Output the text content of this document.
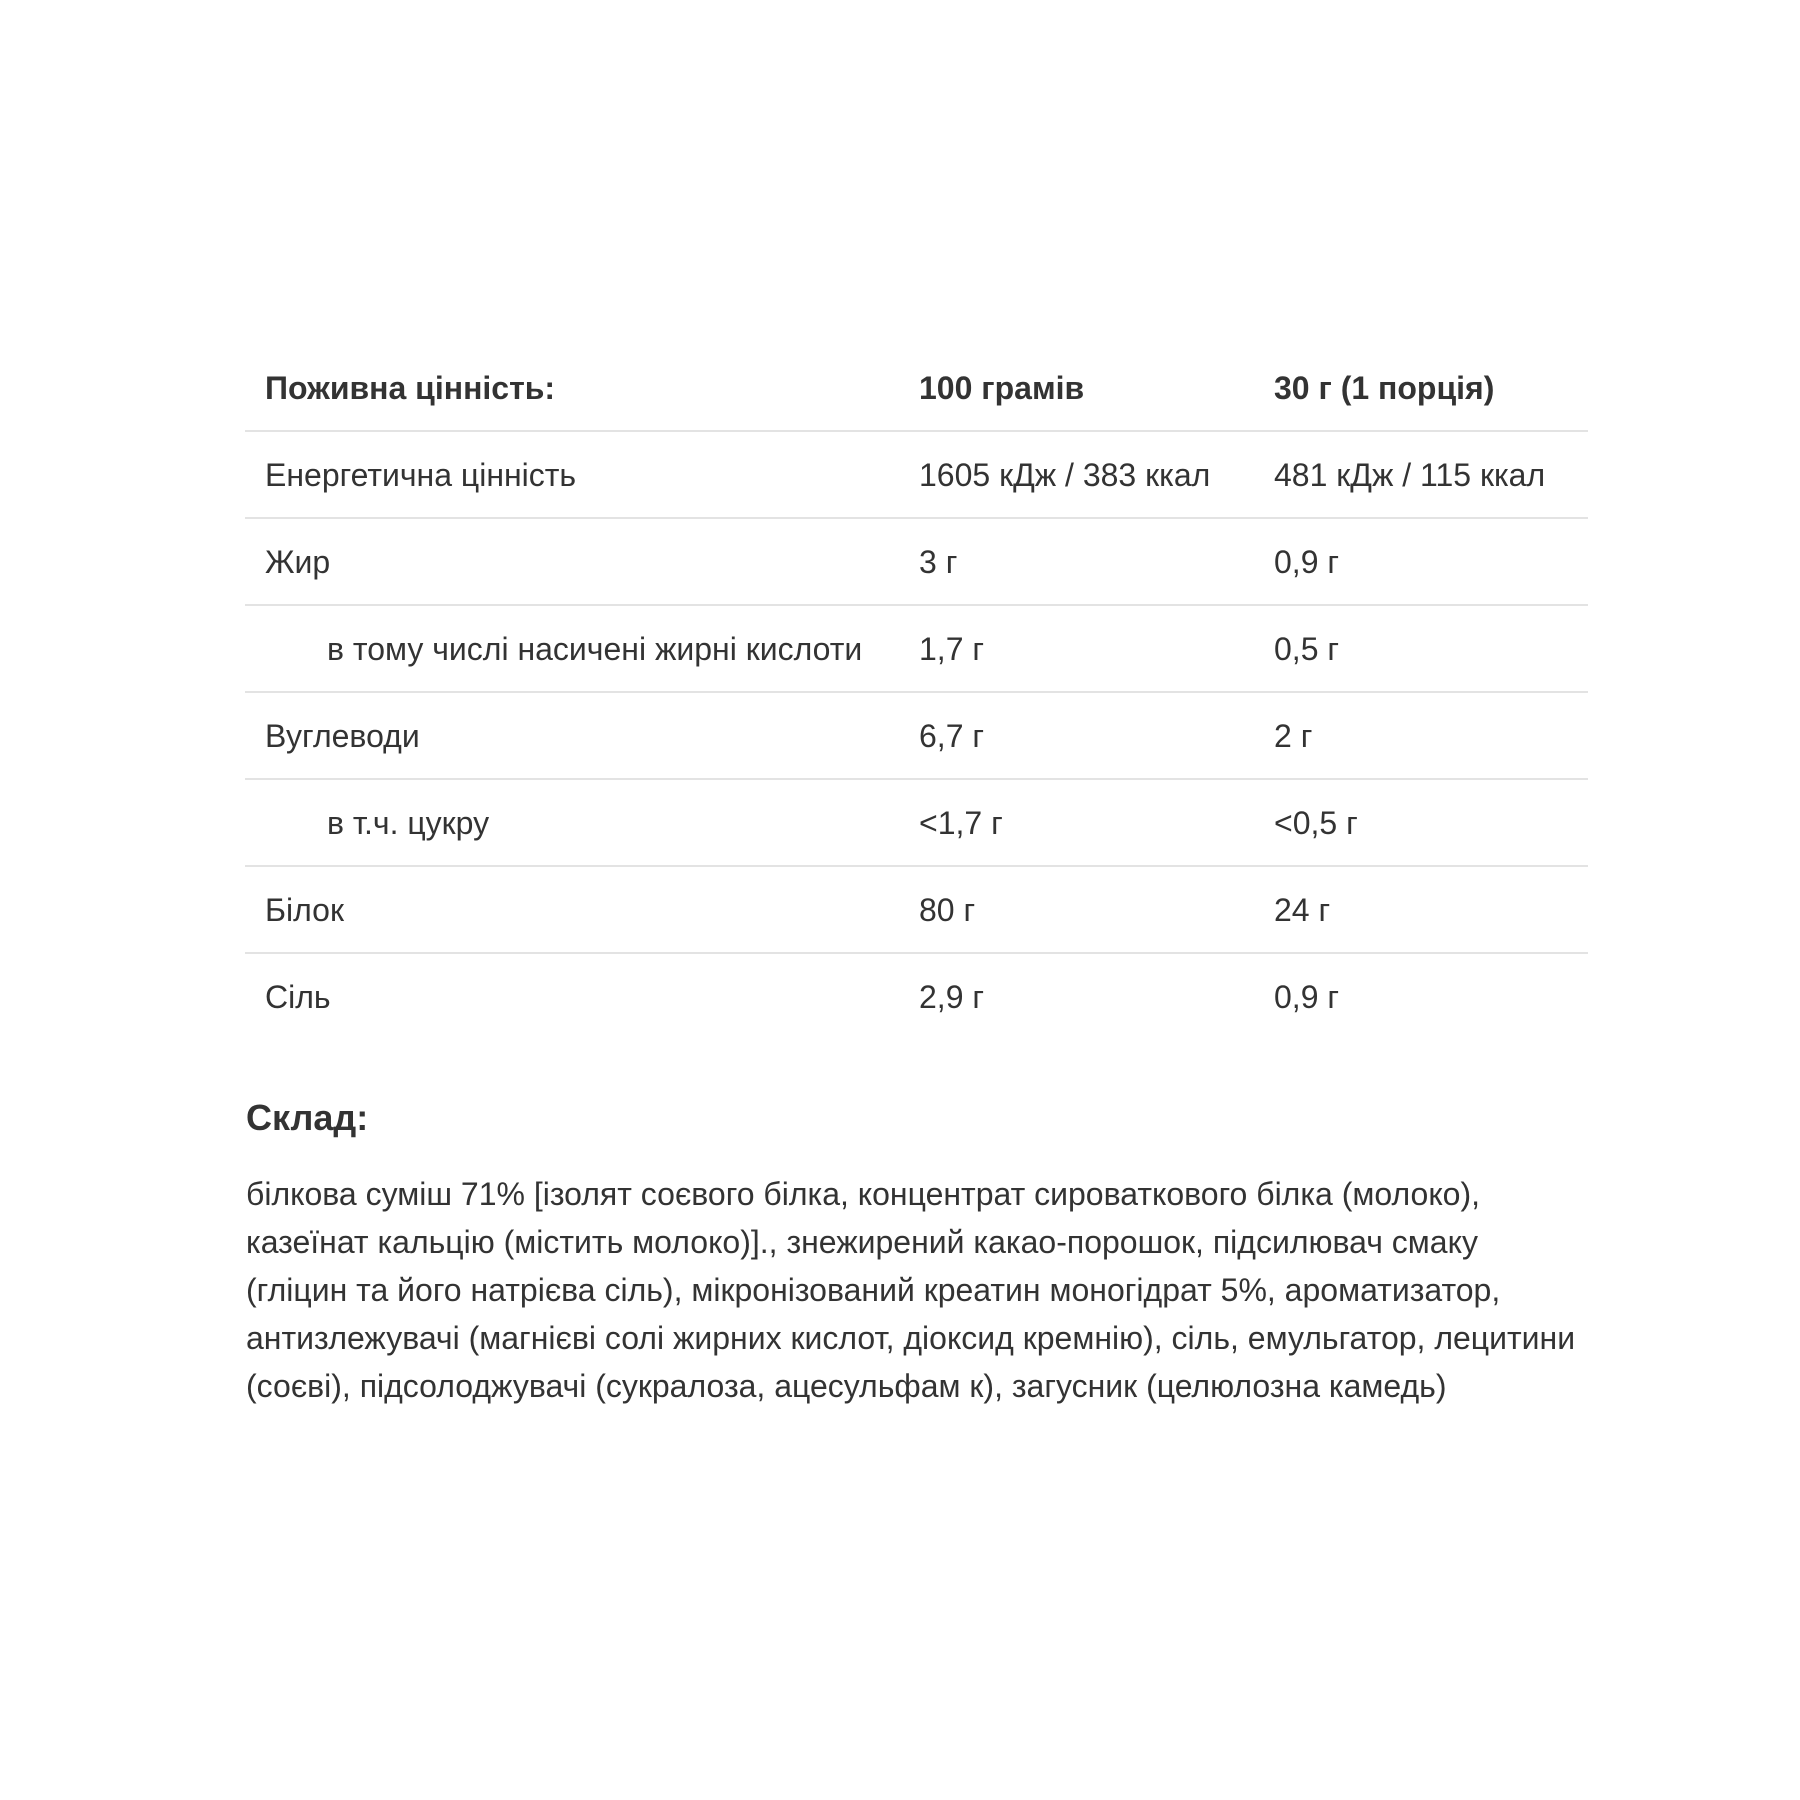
Поживна цінність:	100 грамів	30 г (1 порція)
Енергетична цінність	1605 кДж / 383 ккал	481 кДж / 115 ккал
Жир	3 г	0,9 г
в тому числі насичені жирні кислоти	1,7 г	0,5 г
Вуглеводи	6,7 г	2 г
в т.ч. цукру	<1,7 г	<0,5 г
Білок	80 г	24 г
Сіль	2,9 г	0,9 г
Склад:

білкова суміш 71% [ізолят соєвого білка, концентрат сироваткового білка (молоко), казеїнат кальцію (містить молоко)]., знежирений какао-порошок, підсилювач смаку (гліцин та його натрієва сіль), мікронізований креатин моногідрат 5%, ароматизатор, антизлежувачі (магнієві солі жирних кислот, діоксид кремнію), сіль, емульгатор, лецитини (соєві), підсолоджувачі (сукралоза, ацесульфам к), загусник (целюлозна камедь)
